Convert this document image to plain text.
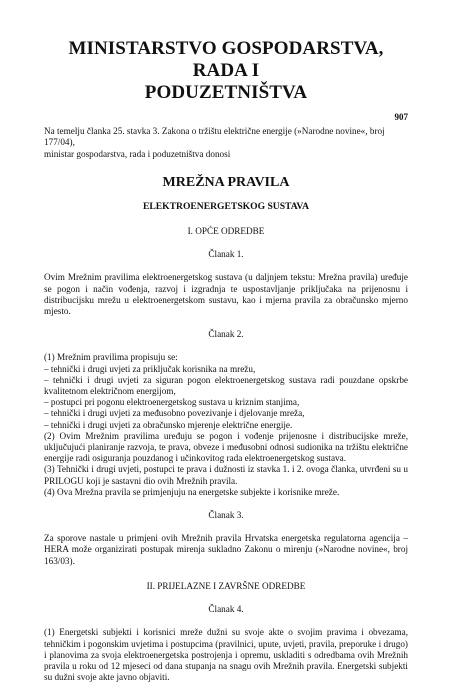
MINISTARSTVO GOSPODARSTVA, RADA I
PODUZETNIŠTVA
907
Na temelju članka 25. stavka 3. Zakona o tržištu električne energije (»Narodne novine«, broj 177/04),
ministar gospodarstva, rada i poduzetništva donosi
MREŽNA PRAVILA
ELEKTROENERGETSKOG SUSTAVA
I. OPĆE ODREDBE
Članak 1.
Ovim Mrežnim pravilima elektroenergetskog sustava (u daljnjem tekstu: Mrežna pravila) uređuje se pogon i način vođenja, razvoj i izgradnja te uspostavljanje priključaka na prijenosnu i distribucijsku mrežu u elektroenergetskom sustavu, kao i mjerna pravila za obračunsko mjerno mjesto.
Članak 2.
(1) Mrežnim pravilima propisuju se:
– tehnički i drugi uvjeti za priključak korisnika na mrežu,
– tehnički i drugi uvjeti za siguran pogon elektroenergetskog sustava radi pouzdane opskrbe kvalitetnom električnom energijom,
– postupci pri pogonu elektroenergetskog sustava u kriznim stanjima,
– tehnički i drugi uvjeti za međusobno povezivanje i djelovanje mreža,
– tehnički i drugi uvjeti za obračunsko mjerenje električne energije.
(2) Ovim Mrežnim pravilima uređuju se pogon i vođenje prijenosne i distribucijske mreže, uključujući planiranje razvoja, te prava, obveze i međusobni odnosi sudionika na tržištu električne energije radi osiguranja pouzdanog i učinkovitog rada elektroenergetskog sustava.
(3) Tehnički i drugi uvjeti, postupci te prava i dužnosti iz stavka 1. i 2. ovoga članka, utvrđeni su u PRILOGU koji je sastavni dio ovih Mrežnih pravila.
(4) Ova Mrežna pravila se primjenjuju na energetske subjekte i korisnike mreže.
Članak 3.
Za sporove nastale u primjeni ovih Mrežnih pravila Hrvatska energetska regulatorna agencija – HERA može organizirati postupak mirenja sukladno Zakonu o mirenju (»Narodne novine«, broj 163/03).
II. PRIJELAZNE I ZAVRŠNE ODREDBE
Članak 4.
(1) Energetski subjekti i korisnici mreže dužni su svoje akte o svojim pravima i obvezama, tehničkim i pogonskim uvjetima i postupcima (pravilnici, upute, uvjeti, pravila, preporuke i drugo) i planovima za svoja elektroenergetska postrojenja i opremu, uskladiti s odredbama ovih Mrežnih pravila u roku od 12 mjeseci od dana stupanja na snagu ovih Mrežnih pravila. Energetski subjekti su dužni svoje akte javno objaviti.
